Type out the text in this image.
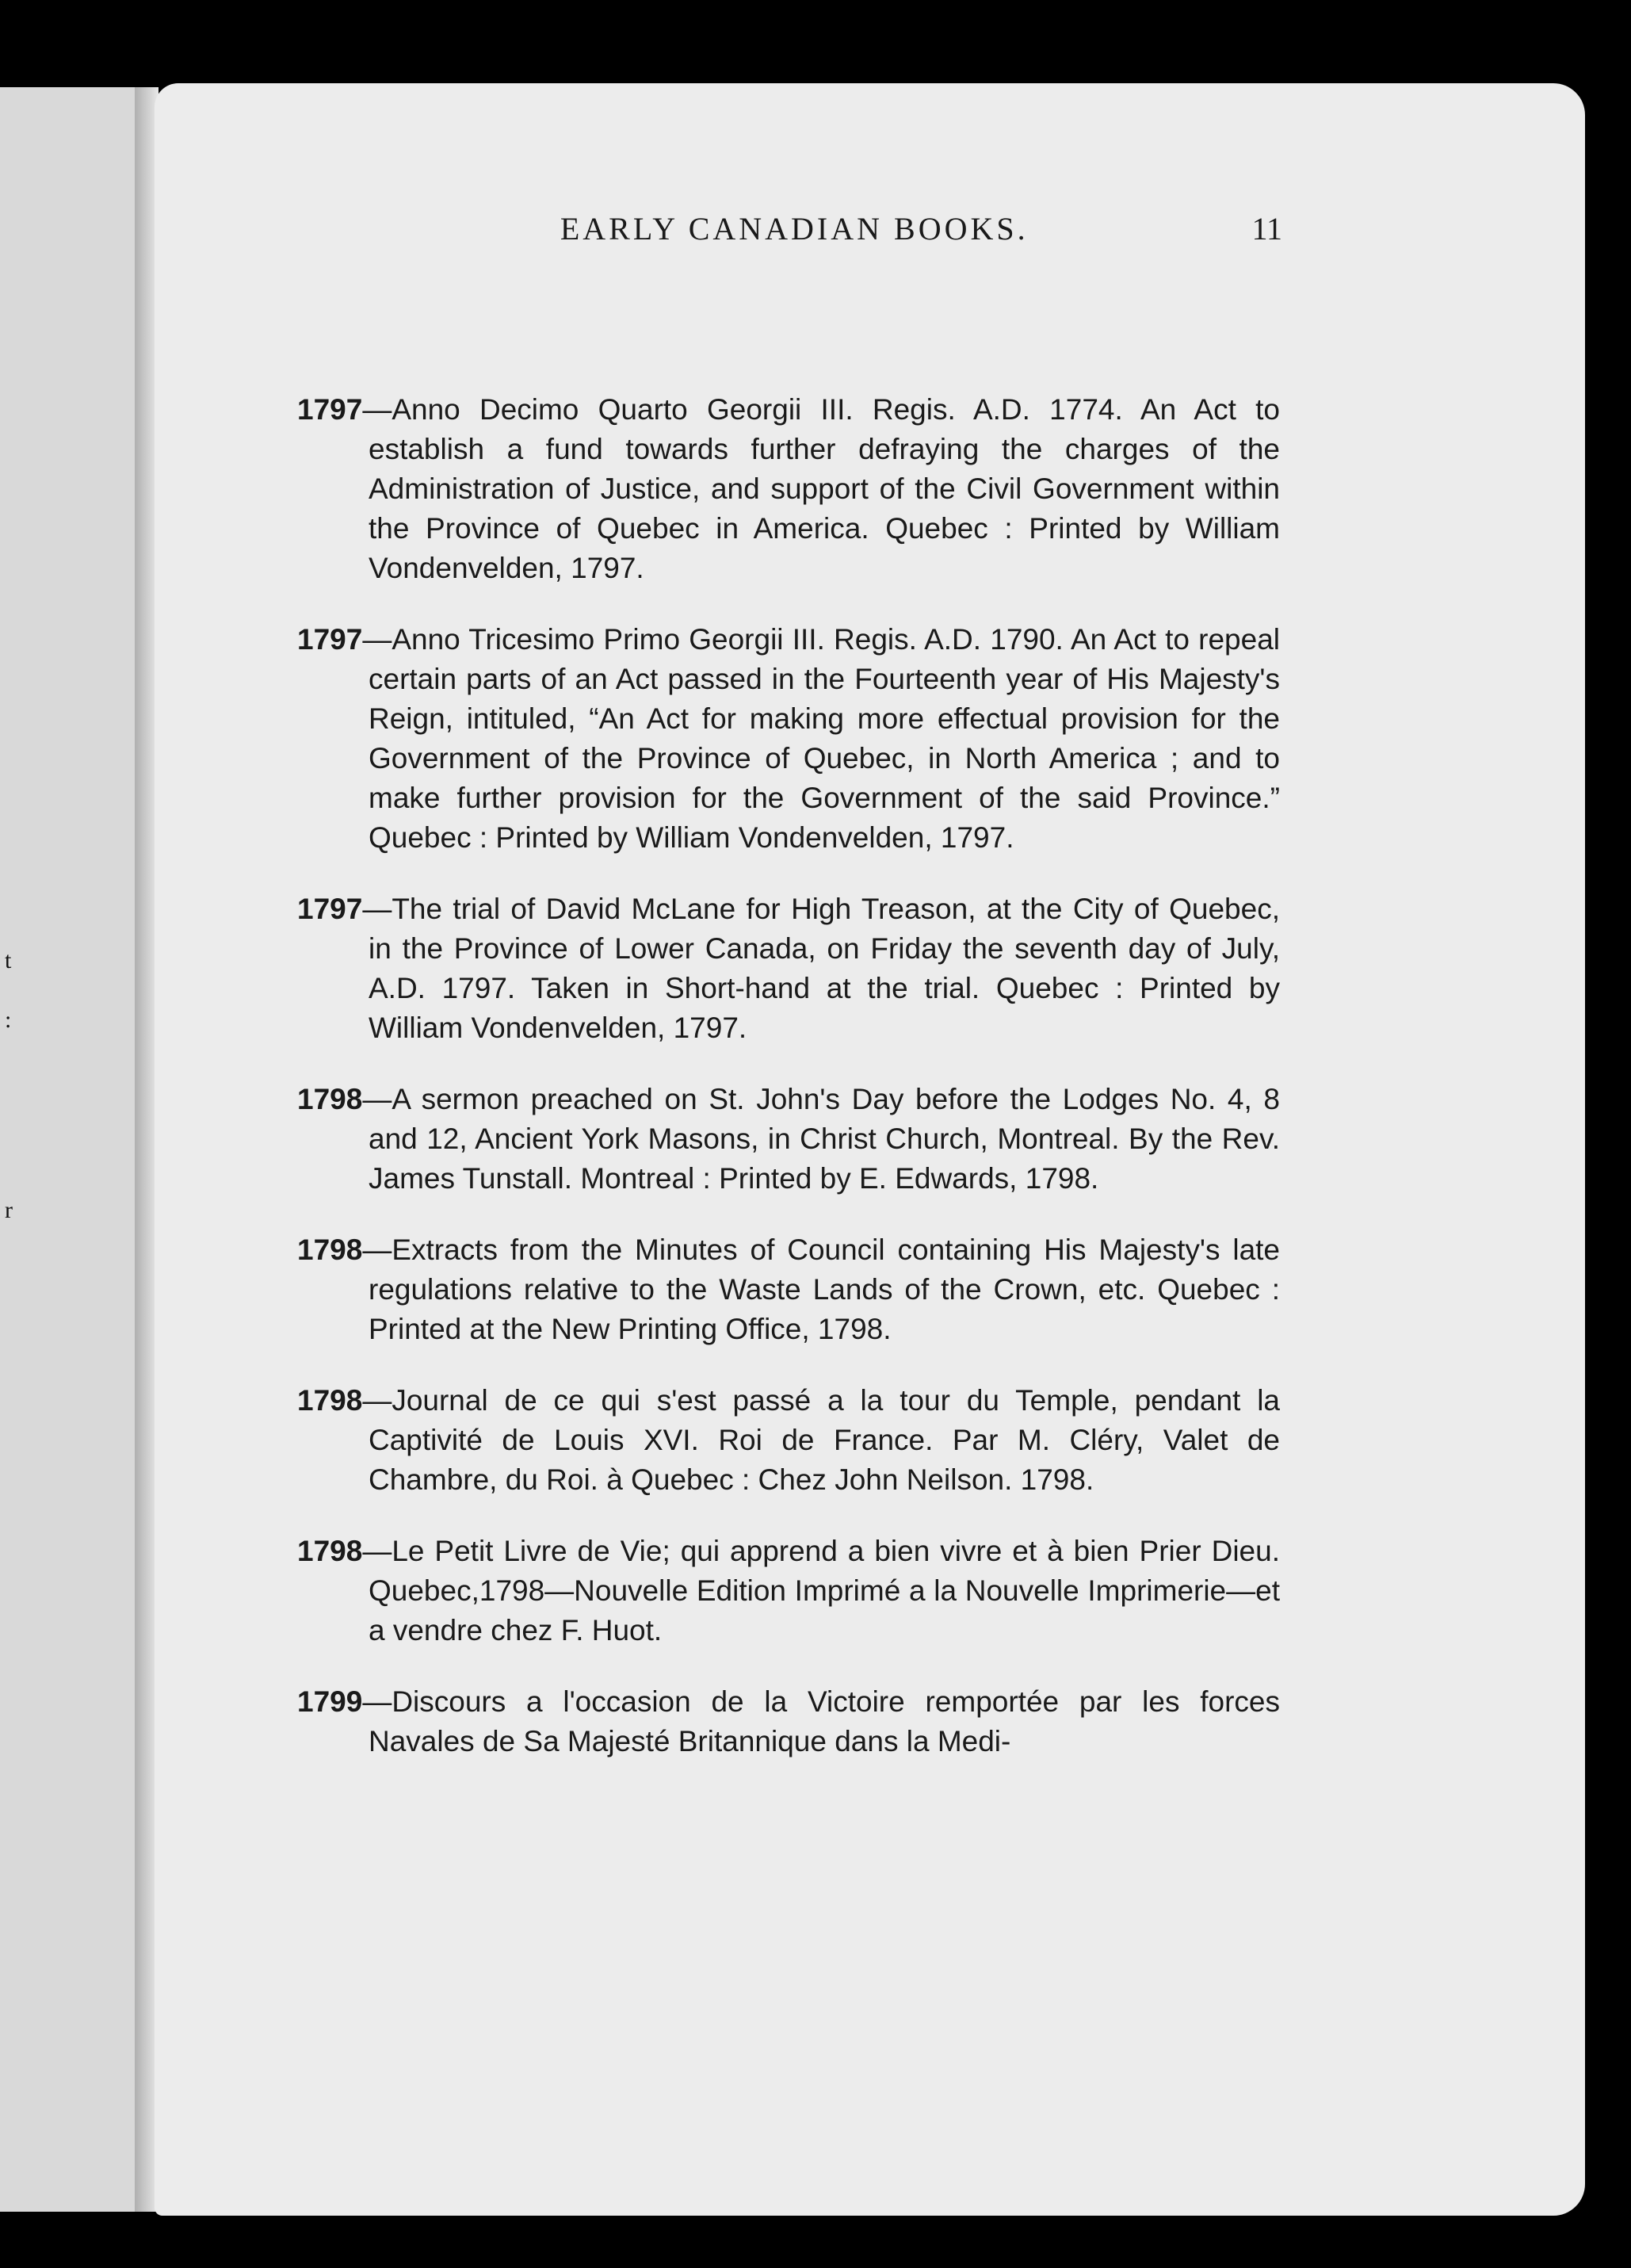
t
:
r
EARLY CANADIAN BOOKS.	11

1797—Anno Decimo Quarto Georgii III. Regis. A.D. 1774. An Act to establish a fund towards further defraying the charges of the Administration of Justice, and support of the Civil Government within the Province of Quebec in America. Quebec : Printed by William Vondenvelden, 1797.

1797—Anno Tricesimo Primo Georgii III. Regis. A.D. 1790. An Act to repeal certain parts of an Act passed in the Fourteenth year of His Majesty's Reign, intituled, “An Act for making more effectual provision for the Government of the Province of Quebec, in North America ; and to make further provision for the Government of the said Province.” Quebec : Printed by William Vondenvelden, 1797.

1797—The trial of David McLane for High Treason, at the City of Quebec, in the Province of Lower Canada, on Friday the seventh day of July, A.D. 1797. Taken in Short-hand at the trial. Quebec : Printed by William Vondenvelden, 1797.

1798—A sermon preached on St. John's Day before the Lodges No. 4, 8 and 12, Ancient York Masons, in Christ Church, Montreal. By the Rev. James Tunstall. Montreal : Printed by E. Edwards, 1798.

1798—Extracts from the Minutes of Council containing His Majesty's late regulations relative to the Waste Lands of the Crown, etc. Quebec : Printed at the New Printing Office, 1798.

1798—Journal de ce qui s'est passé a la tour du Temple, pendant la Captivité de Louis XVI. Roi de France. Par M. Cléry, Valet de Chambre, du Roi. à Quebec : Chez John Neilson. 1798.

1798—Le Petit Livre de Vie; qui apprend a bien vivre et à bien Prier Dieu. Quebec,1798—Nouvelle Edition Imprimé a la Nouvelle Imprimerie—et a vendre chez F. Huot.

1799—Discours a l'occasion de la Victoire remportée par les forces Navales de Sa Majesté Britannique dans la Medi-
